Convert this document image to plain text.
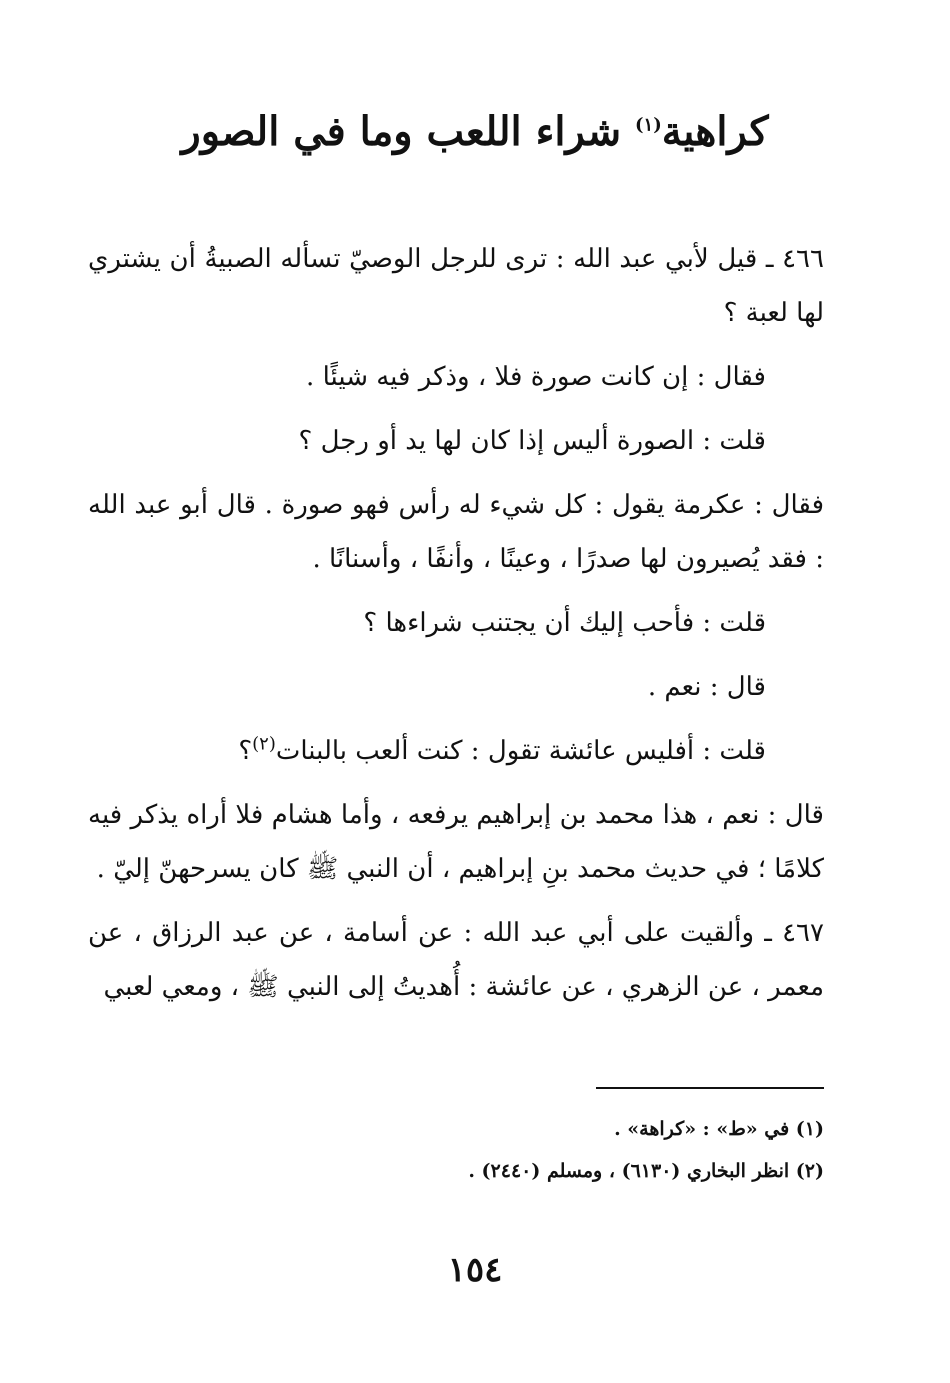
كراهية$^{(١)}$ شراء اللعب وما في الصور

٤٦٦ ـ قيل لأبي عبد الله : ترى للرجل الوصيّ تسأله الصبيةُ أن يشتري لها لعبة ؟

فقال : إن كانت صورة فلا ، وذكر فيه شيئًا .

قلت : الصورة أليس إذا كان لها يد أو رجل ؟

فقال : عكرمة يقول : كل شيء له رأس فهو صورة . قال أبو عبد الله : فقد يُصيرون لها صدرًا ، وعينًا ، وأنفًا ، وأسنانًا .

قلت : فأحب إليك أن يجتنب شراءها ؟

قال : نعم .

قلت : أفليس عائشة تقول : كنت ألعب بالبنات$^{(٢)}$؟

قال : نعم ، هذا محمد بن إبراهيم يرفعه ، وأما هشام فلا أراه يذكر فيه كلامًا ؛ في حديث محمد بنِ إبراهيم ، أن النبي ﷺ كان يسرحهنّ إليّ .

٤٦٧ ـ وألقيت على أبي عبد الله : عن أسامة ، عن عبد الرزاق ، عن معمر ، عن الزهري ، عن عائشة : أُهديتُ إلى النبي ﷺ ، ومعي لعبي

(١) في «ط» : «كراهة» .
(٢) انظر البخاري (٦١٣٠) ، ومسلم (٢٤٤٠) .
١٥٤
